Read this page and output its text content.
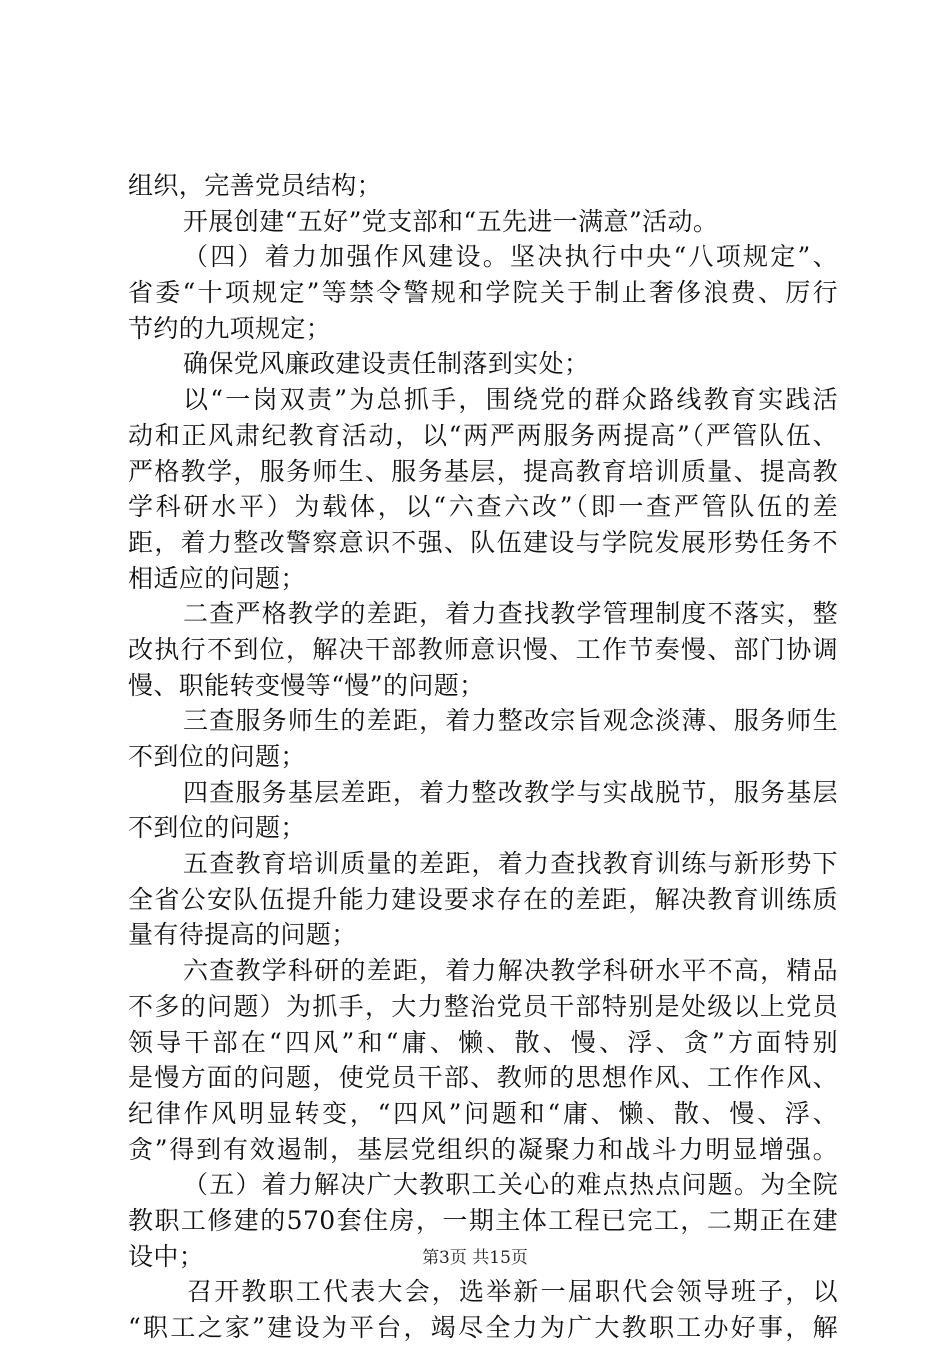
组织，完善党员结构；
开展创建“五好”党支部和“五先进一满意”活动。
（四）着力加强作风建设。坚决执行中央“八项规定”、
省委“十项规定”等禁令警规和学院关于制止奢侈浪费、厉行
节约的九项规定；
确保党风廉政建设责任制落到实处；
以“一岗双责”为总抓手，围绕党的群众路线教育实践活
动和正风肃纪教育活动，以“两严两服务两提高”（严管队伍、
严格教学，服务师生、服务基层，提高教育培训质量、提高教
学科研水平）为载体，以“六查六改”（即一查严管队伍的差
距，着力整改警察意识不强、队伍建设与学院发展形势任务不
相适应的问题；
二查严格教学的差距，着力查找教学管理制度不落实，整
改执行不到位，解决干部教师意识慢、工作节奏慢、部门协调
慢、职能转变慢等“慢”的问题；
三查服务师生的差距，着力整改宗旨观念淡薄、服务师生
不到位的问题；
四查服务基层差距，着力整改教学与实战脱节，服务基层
不到位的问题；
五查教育培训质量的差距，着力查找教育训练与新形势下
全省公安队伍提升能力建设要求存在的差距，解决教育训练质
量有待提高的问题；
六查教学科研的差距，着力解决教学科研水平不高，精品
不多的问题）为抓手，大力整治党员干部特别是处级以上党员
领导干部在“四风”和“庸、懒、散、慢、浮、贪”方面特别
是慢方面的问题，使党员干部、教师的思想作风、工作作风、
纪律作风明显转变，“四风”问题和“庸、懒、散、慢、浮、
贪”得到有效遏制，基层党组织的凝聚力和战斗力明显增强。
（五）着力解决广大教职工关心的难点热点问题。为全院
教职工修建的570套住房，一期主体工程已完工，二期正在建
设中；
召开教职工代表大会，选举新一届职代会领导班子，以
“职工之家”建设为平台，竭尽全力为广大教职工办好事，解
第3页 共15页
